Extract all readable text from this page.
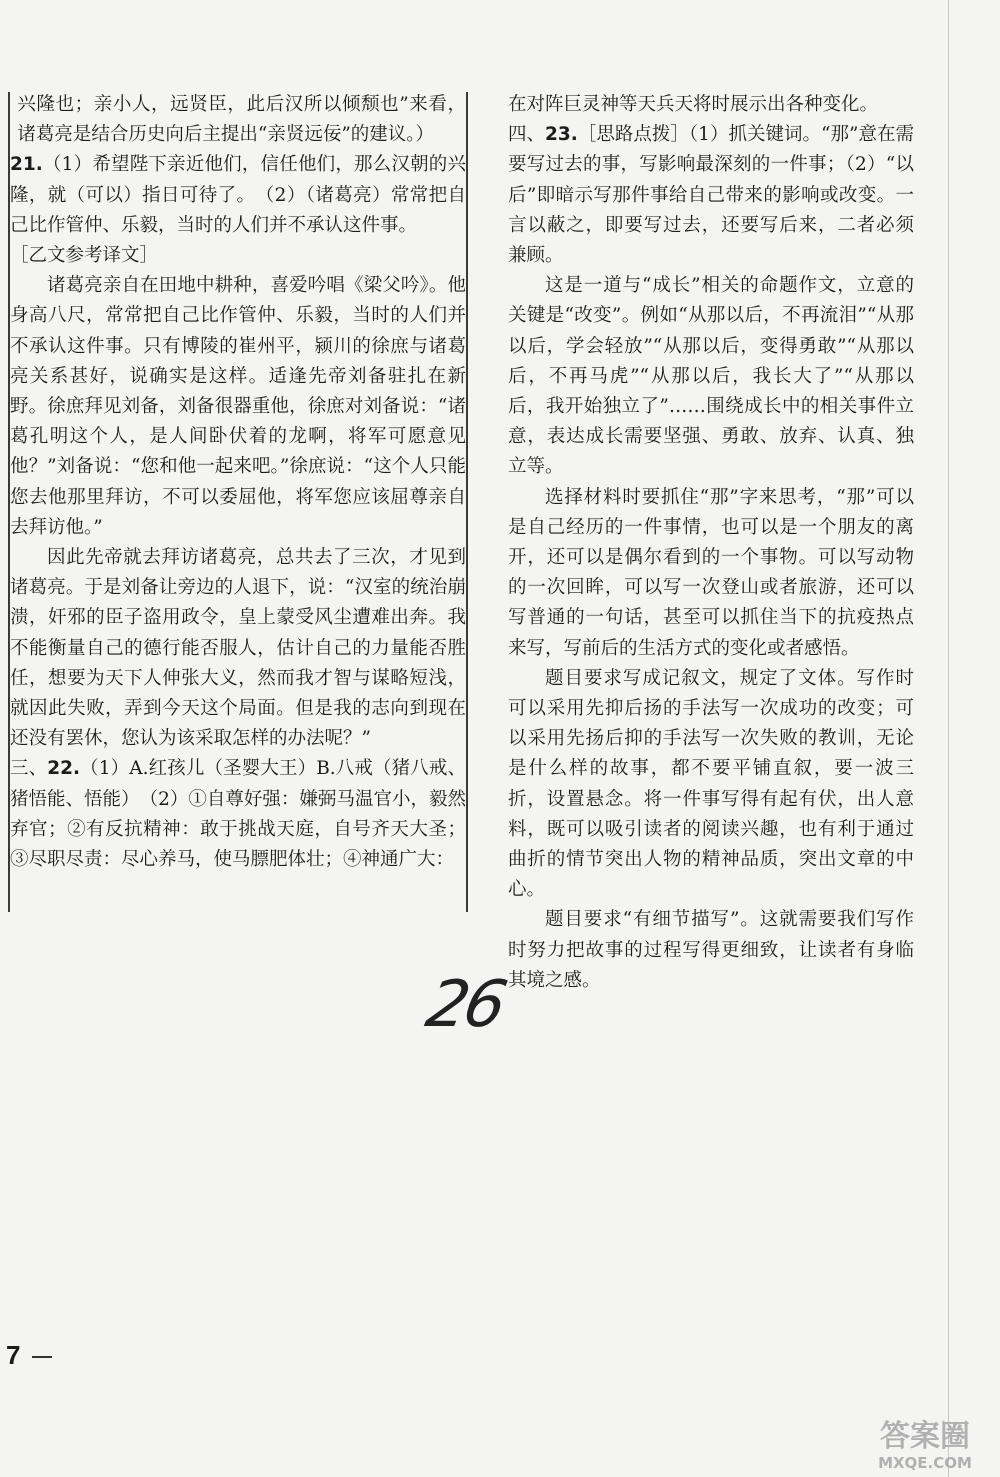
兴隆也；亲小人，远贤臣，此后汉所以倾颓也”来看，诸葛亮是结合历史向后主提出“亲贤远佞”的建议。）

21.（1）希望陛下亲近他们，信任他们，那么汉朝的兴隆，就（可以）指日可待了。　（2）（诸葛亮）常常把自己比作管仲、乐毅，当时的人们并不承认这件事。

［乙文参考译文］

诸葛亮亲自在田地中耕种，喜爱吟唱《梁父吟》。他身高八尺，常常把自己比作管仲、乐毅，当时的人们并不承认这件事。只有博陵的崔州平，颍川的徐庶与诸葛亮关系甚好，说确实是这样。适逢先帝刘备驻扎在新野。徐庶拜见刘备，刘备很器重他，徐庶对刘备说：“诸葛孔明这个人，是人间卧伏着的龙啊，将军可愿意见他？”刘备说：“您和他一起来吧。”徐庶说：“这个人只能您去他那里拜访，不可以委屈他，将军您应该屈尊亲自去拜访他。”

因此先帝就去拜访诸葛亮，总共去了三次，才见到诸葛亮。于是刘备让旁边的人退下，说：“汉室的统治崩溃，奸邪的臣子盗用政令，皇上蒙受风尘遭难出奔。我不能衡量自己的德行能否服人，估计自己的力量能否胜任，想要为天下人伸张大义，然而我才智与谋略短浅，就因此失败，弄到今天这个局面。但是我的志向到现在还没有罢休，您认为该采取怎样的办法呢？”

三、22.（1）A.红孩儿（圣婴大王）B.八戒（猪八戒、猪悟能、悟能）　（2）①自尊好强：嫌弼马温官小，毅然弃官；②有反抗精神：敢于挑战天庭，自号齐天大圣；③尽职尽责：尽心养马，使马膘肥体壮；④神通广大：

在对阵巨灵神等天兵天将时展示出各种变化。

四、23.［思路点拨］（1）抓关键词。“那”意在需要写过去的事，写影响最深刻的一件事；（2）“以后”即暗示写那件事给自己带来的影响或改变。一言以蔽之，即要写过去，还要写后来，二者必须兼顾。

这是一道与“成长”相关的命题作文，立意的关键是“改变”。例如“从那以后，不再流泪”“从那以后，学会轻放”“从那以后，变得勇敢”“从那以后，不再马虎”“从那以后，我长大了”“从那以后，我开始独立了”……围绕成长中的相关事件立意，表达成长需要坚强、勇敢、放弃、认真、独立等。

选择材料时要抓住“那”字来思考，“那”可以是自己经历的一件事情，也可以是一个朋友的离开，还可以是偶尔看到的一个事物。可以写动物的一次回眸，可以写一次登山或者旅游，还可以写普通的一句话，甚至可以抓住当下的抗疫热点来写，写前后的生活方式的变化或者感悟。

题目要求写成记叙文，规定了文体。写作时可以采用先抑后扬的手法写一次成功的改变；可以采用先扬后抑的手法写一次失败的教训，无论是什么样的故事，都不要平铺直叙，要一波三折，设置悬念。将一件事写得有起有伏，出人意料，既可以吸引读者的阅读兴趣，也有利于通过曲折的情节突出人物的精神品质，突出文章的中心。

题目要求“有细节描写”。这就需要我们写作时努力把故事的过程写得更细致，让读者有身临其境之感。

26
7
答案圈
MXQE.COM
